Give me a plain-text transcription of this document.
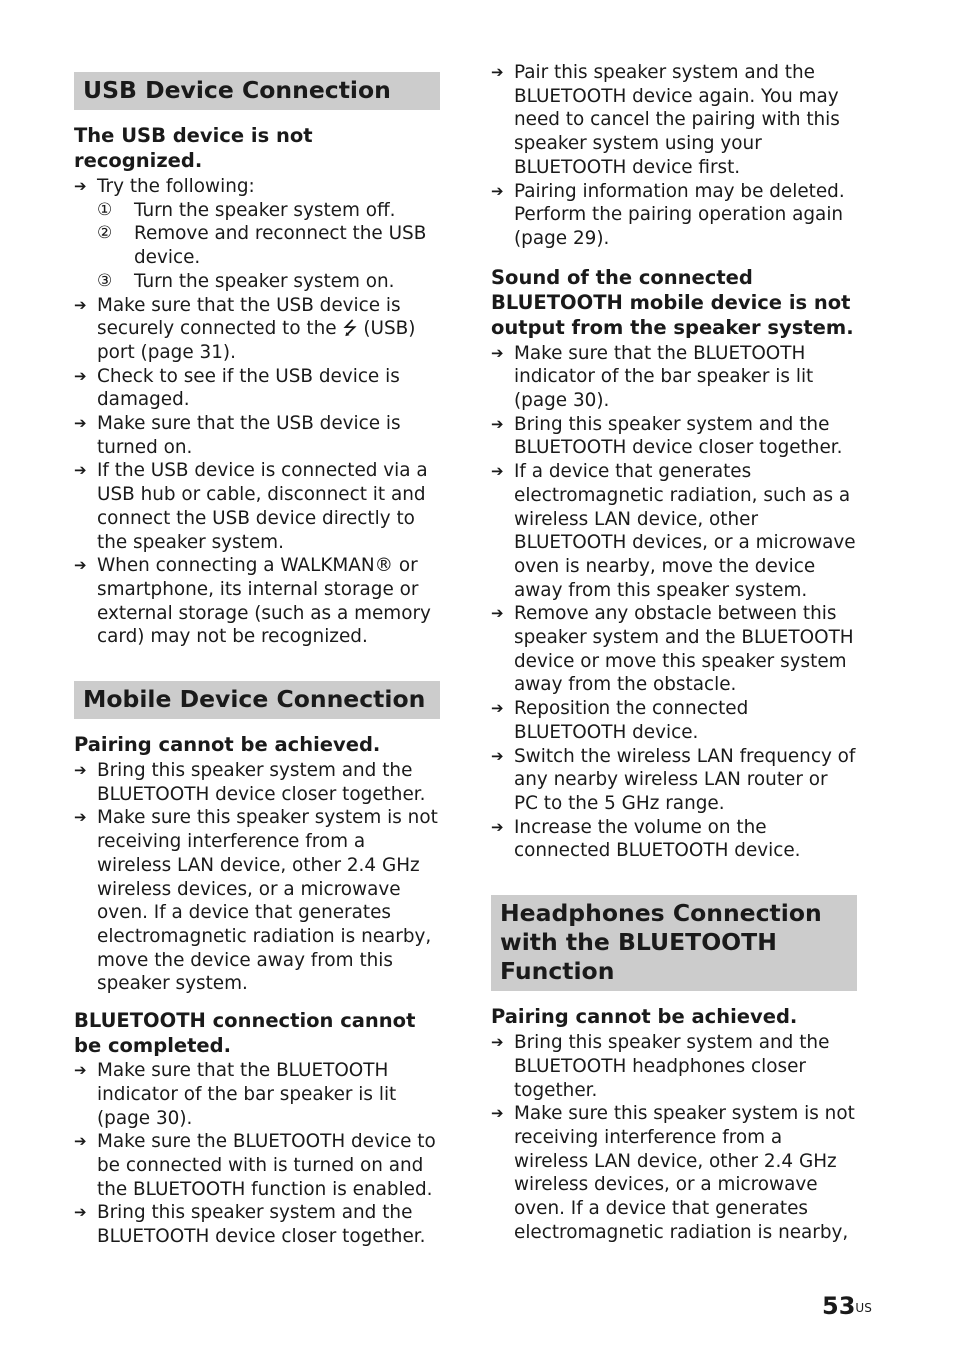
USB Device Connection
The USB device is not recognized.
➔ Try the following:
① Turn the speaker system off.
② Remove and reconnect the USB device.
③ Turn the speaker system on.
➔ Make sure that the USB device is securely connected to the ⭍ (USB) port (page 31).
➔ Check to see if the USB device is damaged.
➔ Make sure that the USB device is turned on.
➔ If the USB device is connected via a USB hub or cable, disconnect it and connect the USB device directly to the speaker system.
➔ When connecting a WALKMAN® or smartphone, its internal storage or external storage (such as a memory card) may not be recognized.
Mobile Device Connection
Pairing cannot be achieved.
➔ Bring this speaker system and the BLUETOOTH device closer together.
➔ Make sure this speaker system is not receiving interference from a wireless LAN device, other 2.4 GHz wireless devices, or a microwave oven. If a device that generates electromagnetic radiation is nearby, move the device away from this speaker system.
BLUETOOTH connection cannot be completed.
➔ Make sure that the BLUETOOTH indicator of the bar speaker is lit (page 30).
➔ Make sure the BLUETOOTH device to be connected with is turned on and the BLUETOOTH function is enabled.
➔ Bring this speaker system and the BLUETOOTH device closer together.
➔ Pair this speaker system and the BLUETOOTH device again. You may need to cancel the pairing with this speaker system using your BLUETOOTH device first.
➔ Pairing information may be deleted. Perform the pairing operation again (page 29).
Sound of the connected BLUETOOTH mobile device is not output from the speaker system.
➔ Make sure that the BLUETOOTH indicator of the bar speaker is lit (page 30).
➔ Bring this speaker system and the BLUETOOTH device closer together.
➔ If a device that generates electromagnetic radiation, such as a wireless LAN device, other BLUETOOTH devices, or a microwave oven is nearby, move the device away from this speaker system.
➔ Remove any obstacle between this speaker system and the BLUETOOTH device or move this speaker system away from the obstacle.
➔ Reposition the connected BLUETOOTH device.
➔ Switch the wireless LAN frequency of any nearby wireless LAN router or PC to the 5 GHz range.
➔ Increase the volume on the connected BLUETOOTH device.
Headphones Connection with the BLUETOOTH Function
Pairing cannot be achieved.
➔ Bring this speaker system and the BLUETOOTH headphones closer together.
➔ Make sure this speaker system is not receiving interference from a wireless LAN device, other 2.4 GHz wireless devices, or a microwave oven. If a device that generates electromagnetic radiation is nearby,
$53^{US}$
